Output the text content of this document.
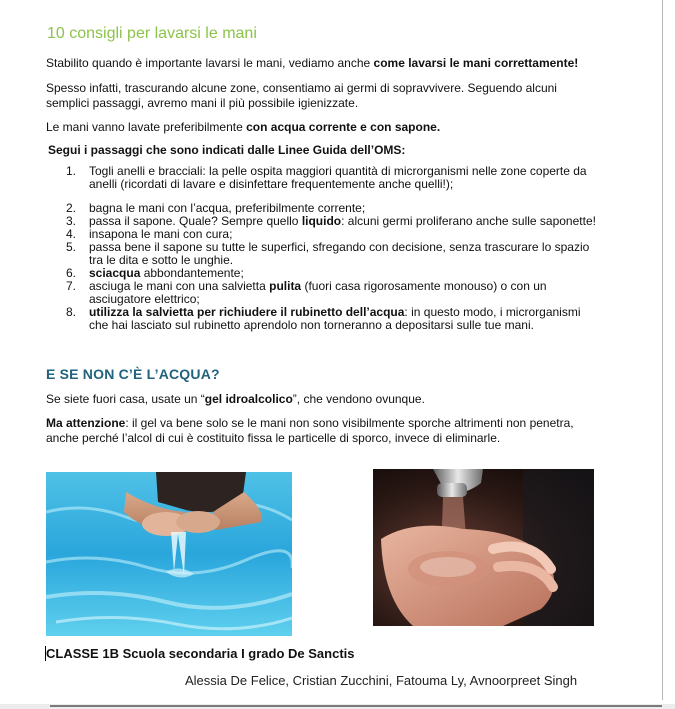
10 consigli per lavarsi le mani
Stabilito quando è importante lavarsi le mani, vediamo anche come lavarsi le mani correttamente!
Spesso infatti, trascurando alcune zone, consentiamo ai germi di sopravvivere. Seguendo alcuni
semplici passaggi, avremo mani il più possibile igienizzate.
Le mani vanno lavate preferibilmente con acqua corrente e con sapone.
Segui i passaggi che sono indicati dalle Linee Guida dell’OMS:
1. Togli anelli e bracciali: la pelle ospita maggiori quantità di microrganismi nelle zone coperte da
anelli (ricordati di lavare e disinfettare frequentemente anche quelli!);
2. bagna le mani con l’acqua, preferibilmente corrente;
3. passa il sapone. Quale? Sempre quello liquido: alcuni germi proliferano anche sulle saponette!
4. insapona le mani con cura;
5. passa bene il sapone su tutte le superfici, sfregando con decisione, senza trascurare lo spazio
tra le dita e sotto le unghie.
6. sciacqua abbondantemente;
7. asciuga le mani con una salvietta pulita (fuori casa rigorosamente monouso) o con un
asciugatore elettrico;
8. utilizza la salvietta per richiudere il rubinetto dell’acqua: in questo modo, i microrganismi
che hai lasciato sul rubinetto aprendolo non torneranno a depositarsi sulle tue mani.
E SE NON C’È L’ACQUA?
Se siete fuori casa, usate un “gel idroalcolico”, che vendono ovunque.
Ma attenzione: il gel va bene solo se le mani non sono visibilmente sporche altrimenti non penetra,
anche perché l’alcol di cui è costituito fissa le particelle di sporco, invece di eliminarle.
CLASSE 1B Scuola secondaria I grado De Sanctis
Alessia De Felice, Cristian Zucchini, Fatouma Ly, Avnoorpreet Singh
